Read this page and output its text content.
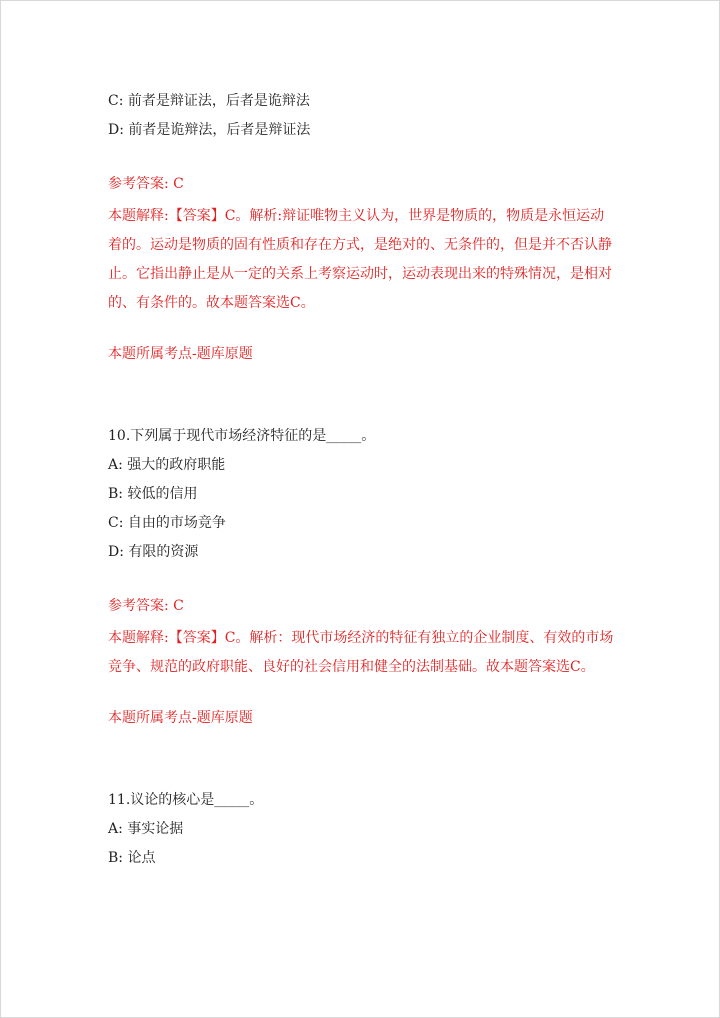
C: 前者是辩证法，后者是诡辩法
D: 前者是诡辩法，后者是辩证法
参考答案: C
本题解释:【答案】C。解析:辩证唯物主义认为，世界是物质的，物质是永恒运动着的。运动是物质的固有性质和存在方式，是绝对的、无条件的，但是并不否认静止。它指出静止是从一定的关系上考察运动时，运动表现出来的特殊情况，是相对的、有条件的。故本题答案选C。
本题所属考点-题库原题
10.下列属于现代市场经济特征的是_____。
A: 强大的政府职能
B: 较低的信用
C: 自由的市场竞争
D: 有限的资源
参考答案: C
本题解释:【答案】C。解析：现代市场经济的特征有独立的企业制度、有效的市场竞争、规范的政府职能、良好的社会信用和健全的法制基础。故本题答案选C。
本题所属考点-题库原题
11.议论的核心是_____。
A: 事实论据
B: 论点
